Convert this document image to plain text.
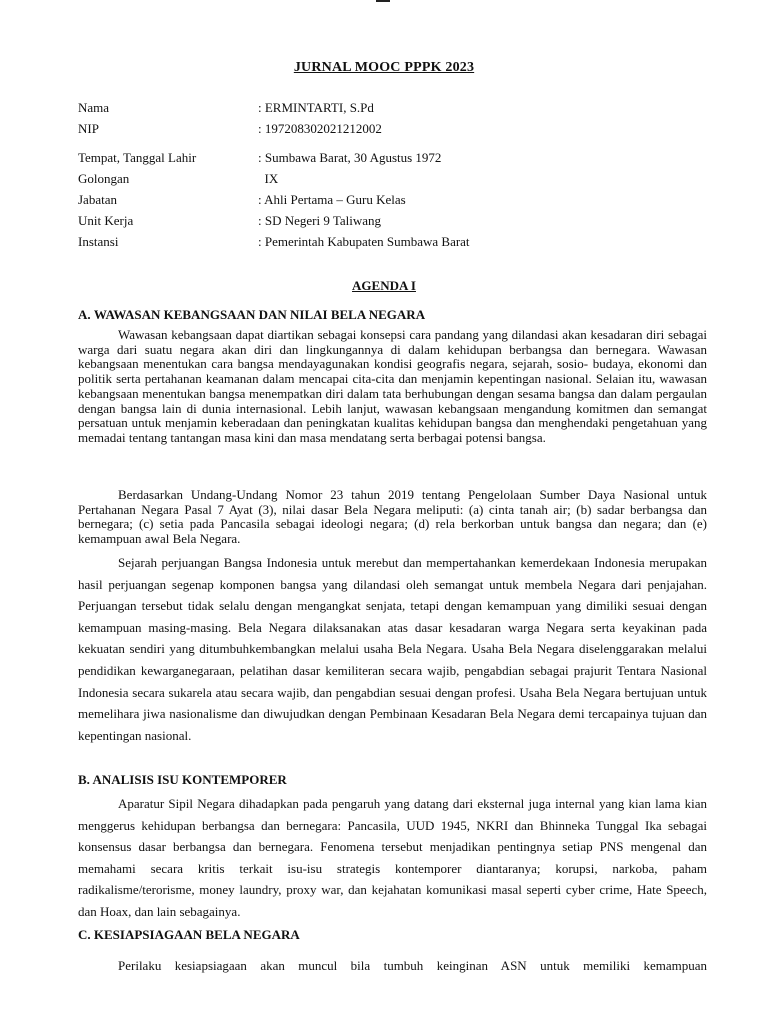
JURNAL MOOC PPPK 2023
Nama	: ERMINTARTI, S.Pd
NIP	: 197208302021212002
Tempat, Tanggal Lahir	: Sumbawa Barat, 30 Agustus 1972
Golongan	IX
Jabatan	: Ahli Pertama – Guru Kelas
Unit Kerja	: SD Negeri 9 Taliwang
Instansi	: Pemerintah Kabupaten Sumbawa Barat
AGENDA I
A. WAWASAN KEBANGSAAN DAN NILAI BELA NEGARA

Wawasan kebangsaan dapat diartikan sebagai konsepsi cara pandang yang dilandasi akan kesadaran diri sebagai warga dari suatu negara akan diri dan lingkungannya di dalam kehidupan berbangsa dan bernegara. Wawasan kebangsaan menentukan cara bangsa mendayagunakan kondisi geografis negara, sejarah, sosio- budaya, ekonomi dan politik serta pertahanan keamanan dalam mencapai cita-cita dan menjamin kepentingan nasional. Selaian itu, wawasan kebangsaan menentukan bangsa menempatkan diri dalam tata berhubungan dengan sesama bangsa dan dalam pergaulan dengan bangsa lain di dunia internasional. Lebih lanjut, wawasan kebangsaan mengandung komitmen dan semangat persatuan untuk menjamin keberadaan dan peningkatan kualitas kehidupan bangsa dan menghendaki pengetahuan yang memadai tentang tantangan masa kini dan masa mendatang serta berbagai potensi bangsa.

Berdasarkan Undang-Undang Nomor 23 tahun 2019 tentang Pengelolaan Sumber Daya Nasional untuk Pertahanan Negara Pasal 7 Ayat (3), nilai dasar Bela Negara meliputi: (a) cinta tanah air; (b) sadar berbangsa dan bernegara; (c) setia pada Pancasila sebagai ideologi negara; (d) rela berkorban untuk bangsa dan negara; dan (e) kemampuan awal Bela Negara.

Sejarah perjuangan Bangsa Indonesia untuk merebut dan mempertahankan kemerdekaan Indonesia merupakan hasil perjuangan segenap komponen bangsa yang dilandasi oleh semangat untuk membela Negara dari penjajahan. Perjuangan tersebut tidak selalu dengan mengangkat senjata, tetapi dengan kemampuan yang dimiliki sesuai dengan kemampuan masing-masing. Bela Negara dilaksanakan atas dasar kesadaran warga Negara serta keyakinan pada kekuatan sendiri yang ditumbuhkembangkan melalui usaha Bela Negara. Usaha Bela Negara diselenggarakan melalui pendidikan kewarganegaraan, pelatihan dasar kemiliteran secara wajib, pengabdian sebagai prajurit Tentara Nasional Indonesia secara sukarela atau secara wajib, dan pengabdian sesuai dengan profesi. Usaha Bela Negara bertujuan untuk memelihara jiwa nasionalisme dan diwujudkan dengan Pembinaan Kesadaran Bela Negara demi tercapainya tujuan dan kepentingan nasional.

B. ANALISIS ISU KONTEMPORER

Aparatur Sipil Negara dihadapkan pada pengaruh yang datang dari eksternal juga internal yang kian lama kian menggerus kehidupan berbangsa dan bernegara: Pancasila, UUD 1945, NKRI dan Bhinneka Tunggal Ika sebagai konsensus dasar berbangsa dan bernegara. Fenomena tersebut menjadikan pentingnya setiap PNS mengenal dan memahami secara kritis terkait isu-isu strategis kontemporer diantaranya; korupsi, narkoba, paham radikalisme/terorisme, money laundry, proxy war, dan kejahatan komunikasi masal seperti cyber crime, Hate Speech, dan Hoax, dan lain sebagainya.

C. KESIAPSIAGAAN BELA NEGARA

Perilaku kesiapsiagaan akan muncul bila tumbuh keinginan ASN untuk memiliki kemampuan
